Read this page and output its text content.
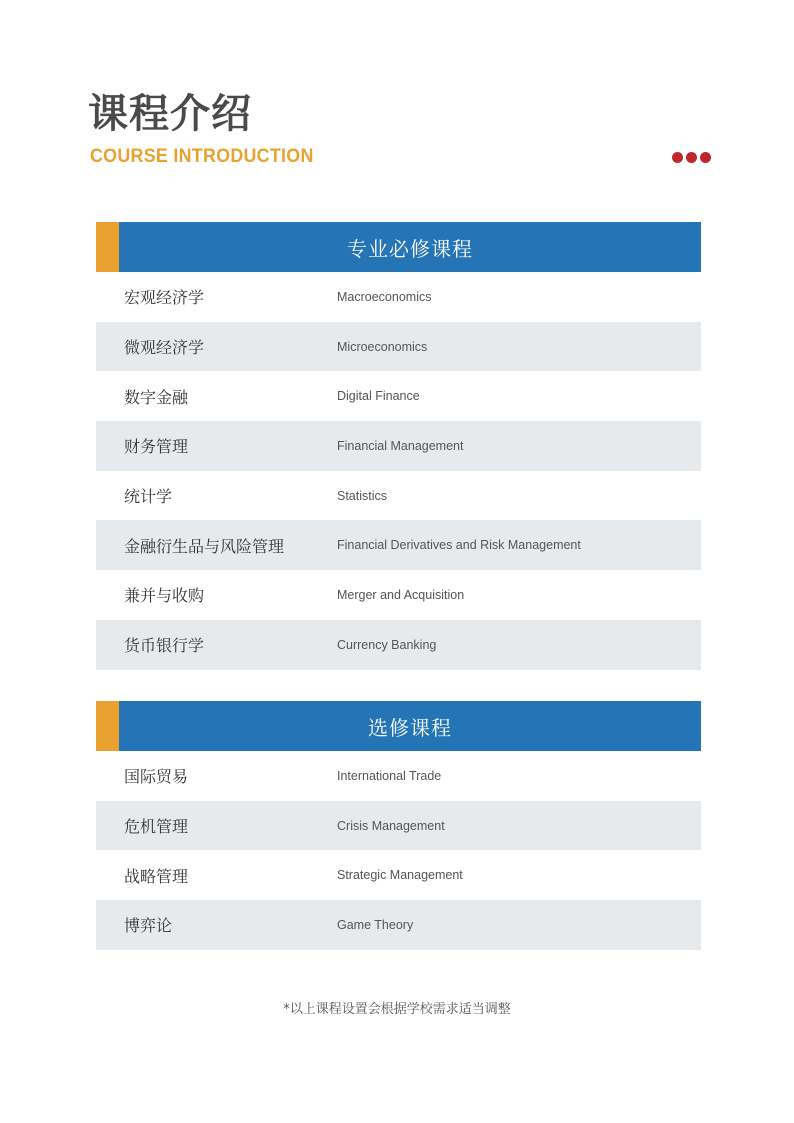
课程介绍
COURSE INTRODUCTION
专业必修课程
宏观经济学	Macroeconomics
微观经济学	Microeconomics
数字金融	Digital Finance
财务管理	Financial Management
统计学	Statistics
金融衍生品与风险管理	Financial Derivatives and Risk Management
兼并与收购	Merger and Acquisition
货币银行学	Currency Banking
选修课程
国际贸易	International Trade
危机管理	Crisis Management
战略管理	Strategic Management
博弈论	Game Theory
*以上课程设置会根据学校需求适当调整
